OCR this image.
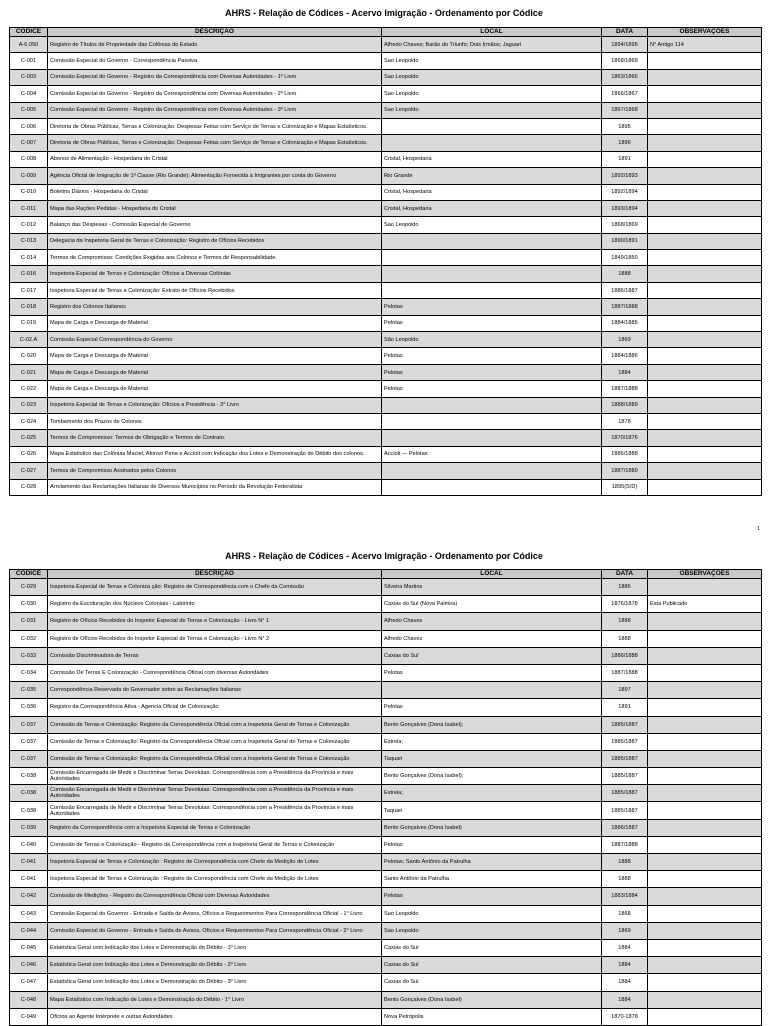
AHRS - Relação de Códices - Acervo Imigração - Ordenamento por Códice
CÓDICE	DESCRIÇÃO	LOCAL	DATA	OBSERVAÇÕES
A-6.050	Registro de Títulos de Propriedade das Colônias do Estado	Alfredo Chaves; Barão do Triunfo; Dois Irmãos; Jaguari	1894/1895	N° Antigo 114
C-001	Comissão Especial do Governo - Correspondência Passiva	Sao Leopoldo	1868/1869	
C-003	Comissão Especial do Governo - Registro da Correspondência com Diversas Autoridades - 1º Livro	Sao Leopoldo	1863/1866	
C-004	Comissão Especial do Governo - Registro da Correspondência com Diversas Autoridades - 2º Livro	Sao Leopoldo	1866/1867	
C-005	Comissão Especial do Governo - Registro da Correspondência com Diversas Autoridades - 3º Livro	Sao Leopoldo	1867/1868	
C-006	Diretoria de Obras Públicas, Terras e Colonização: Despesas Feitas com Serviço de Terras e Colonização e Mapas Estatísticos.		1895	
C-007	Diretoria de Obras Públicas, Terras e Colonização: Despesas Feitas com Serviço de Terras e Colonização e Mapas Estatísticos.		1896	
C-008	Abonos de Alimentação - Hospedaria do Cristal	Cristal, Hospedaria	1891	
C-009	Agência Oficial de Imigração de 1ª Classe (Rio Grande): Alimentação Fornecida à Imigrantes por conta do Governo	Rio Grande	1892/1893	
C-010	Boletins Diários - Hospedaria do Cristal	Cristal, Hospedaria	1892/1894	
C-011	Mapa das Rações Pedidas - Hospedaria do Cristal	Cristal, Hospedaria	1893/1894	
C-012	Balanço das Despesas - Comissão Especial de Governo	Sao Leopoldo	1868/1869	
C-013	Delegacia da Inspetoria Geral de Terras e Colonização: Registro de Ofícios Recebidos		1890/1891	
C-014	Termos de Compromisso: Condições Exigidas aos Colonos e Termos de Responsabilidade.		1849/1850	
C-016	Inspetoria Especial de Terras e Colonização: Ofícios a Diversas Colônias		1888	
C-017	Inspetoria Especial de Terras e Colonização: Extrato de Ofícios Recebidos		1886/1887	
C-018	Registro dos Colonos Italianos	Pelotas	1887/1888	
C-019	Mapa de Carga e Descarga de Material	Pelotas	1884/1885	
C-02.A	Comissão Especial Correspondência do Governo	São Leopoldo	1869	
C-020	Mapa de Carga e Descarga de Material	Pelotas	1884/1886	
C-021	Mapa de Carga e Descarga de Material	Pelotas	1884	
C-022	Mapa de Carga e Descarga de Material	Pelotas	1887/1888	
C-023	Inspetoria Especial de Terras e Colonização: Ofícios a Presidência - 3° Livro		1888/1889	
C-024	Tombamento dos Prazos de Colonos		1878	
C-025	Termos de Compromisso: Termos de Obrigação e Termos de Contrato.		1870/1876	
C-026	Mapa Estatístico das Colônias Maciel, Afonso Pena e Accioli com Indicação dos Lotes e Demonstração do Débito dos colonos.	Accioli — Pelotas	1886/1888	
C-027	Termos de Compromisso Assinados pelos Colonos		1887/1889	
C-028	Arrolamento das Reclamações Italianas de Diversos Municípios no Período da Revolução Federalista		1895(S/D)	
1
AHRS - Relação de Códices - Acervo Imigração - Ordenamento por Códice
CÓDICE	DESCRIÇÃO	LOCAL	DATA	OBSERVAÇÕES
C-029	Inspetoria Especial de Terras e Coloniza ção: Registro de Correspondência com o Chefe da Comissão	Silveira Martins	1886	
C-030	Registro da Escrituração dos Núcleos Coloniais - Labirinto	Caxias do Sul (Nova Palmira)	1876/1878	Esta Publicado
C-031	Registro de Ofícios Recebidos do Inspetor Especial de Terras e Colonização - Livro N° 1	Alfredo Chaves	1888	
C-032	Registro de Ofícios Recebidos do Inspetor Especial de Terras e Colonização - Livro N° 2	Alfredo Chaves	1888	
C-033	Comissão Discriminadora de Terras	Caxias do Sul	1886/1888	
C-034	Comissão De Terras E Colonização - Correspondência Oficial com diversas Autoridades	Pelotas	1887/1888	
C-035	Correspondência Reservada do Governador sobre as Reclamações Italianas		1897	
C-036	Registro da Correspondência Ativa - Agencia Oficial de Colonização	Pelotas	1891	
C-037	Comissão de Terras e Colonização: Registro da Correspondência Oficial com a Inspetoria Geral de Terras e Colonização	Bento Gonçalves (Dona Isabel);	1885/1887	
C-037	Comissão de Terras e Colonização: Registro da Correspondência Oficial com a Inspetoria Geral de Terras e Colonização	Estrela;	1885/1887	
C-037	Comissão de Terras e Colonização: Registro da Correspondência Oficial com a Inspetoria Geral de Terras e Colonização	Taquari	1885/1887	
C-038	Comissão Encarregada de Medir e Discriminar Terras Devolutas: Correspondência com a Presidência da Província e mais Autoridades	Bento Gonçalves (Dona Isabel);	1885/1887	
C-038	Comissão Encarregada de Medir e Discriminar Terras Devolutas: Correspondência com a Presidência da Província e mais Autoridades	Estrela;	1885/1887	
C-038	Comissão Encarregada de Medir e Discriminar Terras Devolutas: Correspondência com a Presidência da Província e mais Autoridades	Taquari	1885/1887	
C-039	Registro da Correspondência com a Inspetoria Especial de Terras e Colonização	Bento Gonçalves (Dona Isabel)	1886/1887	
C-040	Comissão de Terras e Colonização - Registro da Correspondência com a Inspetoria Geral de Terras e Colonização	Pelotas	1887/1888	
C-041	Inspetoria Especial de Terras e Colonização : Registro de Correspondência com Chefe da Medição de Lotes	Pelotas; Santo Antônio da Patrulha	1888	
C-041	Inspetoria Especial de Terras e Colonização : Registro de Correspondência com Chefe da Medição de Lotes	Santo Antônio da Patrulha	1888	
C-042	Comissão de Medições - Registro da Correspondência Oficial com Diversas Autoridades	Pelotas	1883/1884	
C-043	Comissão Especial do Governo - Entrada e Saída de Avisos, Ofícios e Requerimentos Para Correspondência Oficial - 1° Livro	Sao Leopoldo	1868	
C-044	Comissão Especial do Governo - Entrada e Saída de Avisos, Ofícios e Requerimentos Para Correspondência Oficial - 2° Livro	Sao Leopoldo	1869	
C-045	Estatística Geral com Indicação dos Lotes e Demonstração do Débito - 1º Livro	Caxias do Sul	1884	
C-046	Estatística Geral com Indicação dos Lotes e Demonstração do Débito - 2º Livro	Caxias do Sul	1884	
C-047	Estatística Geral com Indicação dos Lotes e Demonstração do Débito - 3º Livro	Caxias do Sul	1884	
C-048	Mapa Estatístico com Indicação de Lotes e Demonstração do Débito - 1° Livro	Bento Gonçalves (Dona Isabel)	1884	
C-049	Ofícios ao Agente Intérprete e outras Autoridades	Nova Petrópolis	1870-1878	
